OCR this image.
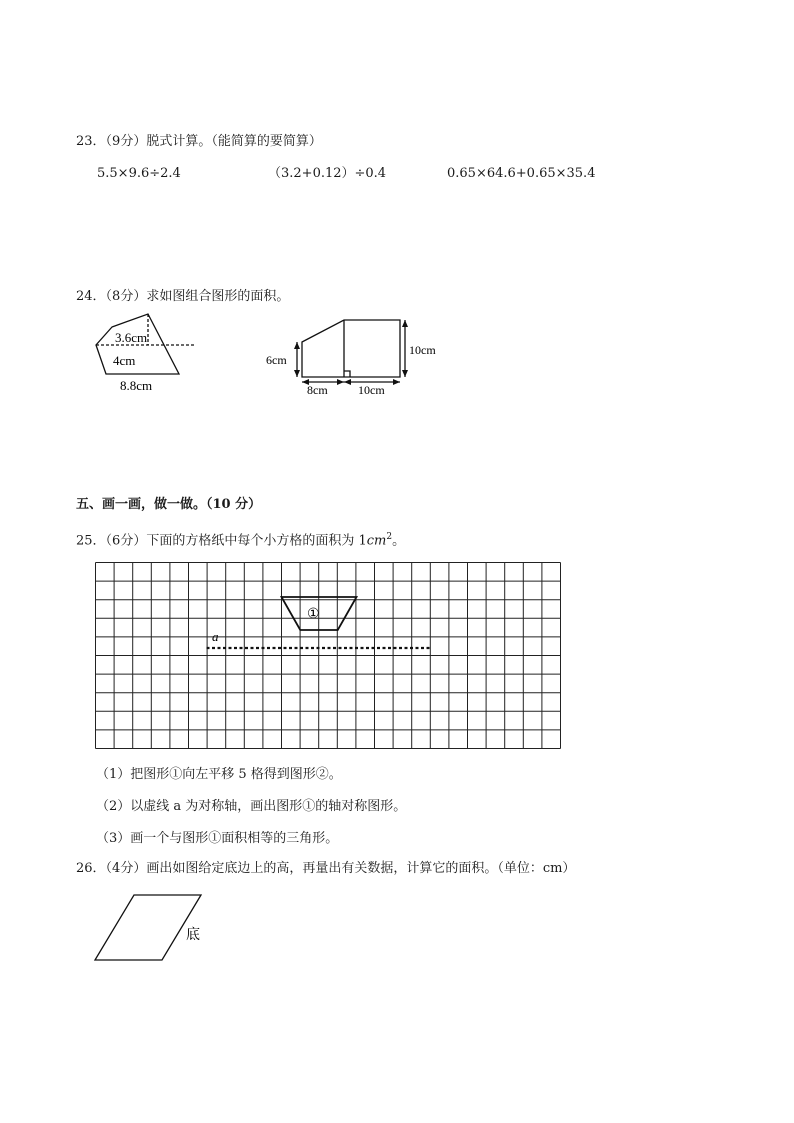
23．（9分）脱式计算。（能简算的要简算）
5.5×9.6÷2.4	（3.2+0.12）÷0.4	0.65×64.6+0.65×35.4
24．（8分）求如图组合图形的面积。
3.6cm
4cm
8.8cm
6cm
10cm
8cm	10cm
五、画一画，做一做。（10 分）
25．（6分）下面的方格纸中每个小方格的面积为 $1cm^2$。
①
a
（1）把图形①向左平移 5 格得到图形②。
（2）以虚线 a 为对称轴，画出图形①的轴对称图形。
（3）画一个与图形①面积相等的三角形。
26．（4分）画出如图给定底边上的高，再量出有关数据，计算它的面积。（单位：cm）
底
